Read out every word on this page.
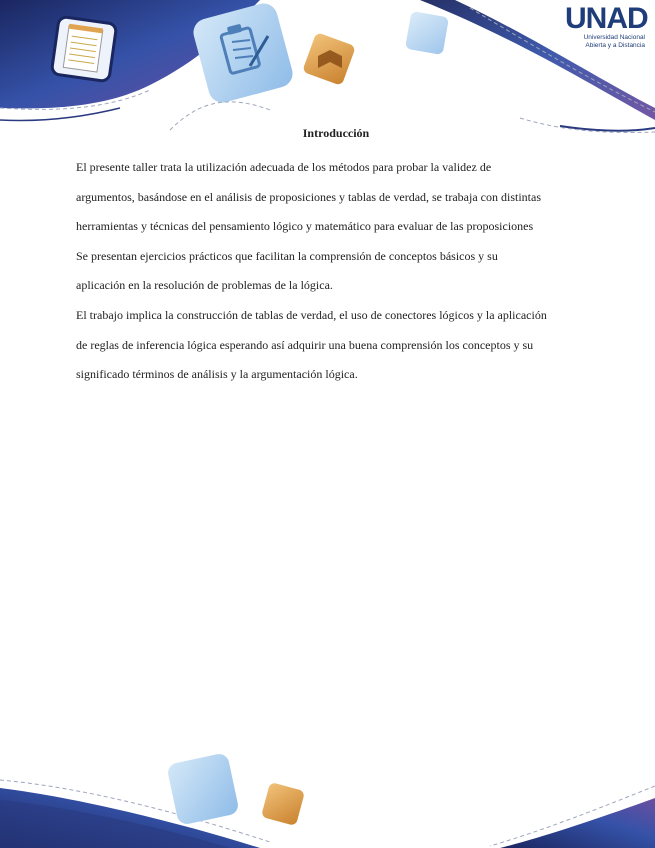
UNAD
Universidad Nacional
Abierta y a Distancia

Introducción

El presente taller trata la utilización adecuada de los métodos para probar la validez de

argumentos, basándose en el análisis de proposiciones y tablas de verdad, se trabaja con distintas

herramientas y técnicas del pensamiento lógico y matemático para evaluar de las proposiciones

Se presentan ejercicios prácticos que facilitan la comprensión de conceptos básicos y su

aplicación en la resolución de problemas de la lógica.

El trabajo implica la construcción de tablas de verdad, el uso de conectores lógicos y la aplicación

de reglas de inferencia lógica esperando así adquirir una buena comprensión los conceptos y su

significado términos de análisis y la argumentación lógica.
